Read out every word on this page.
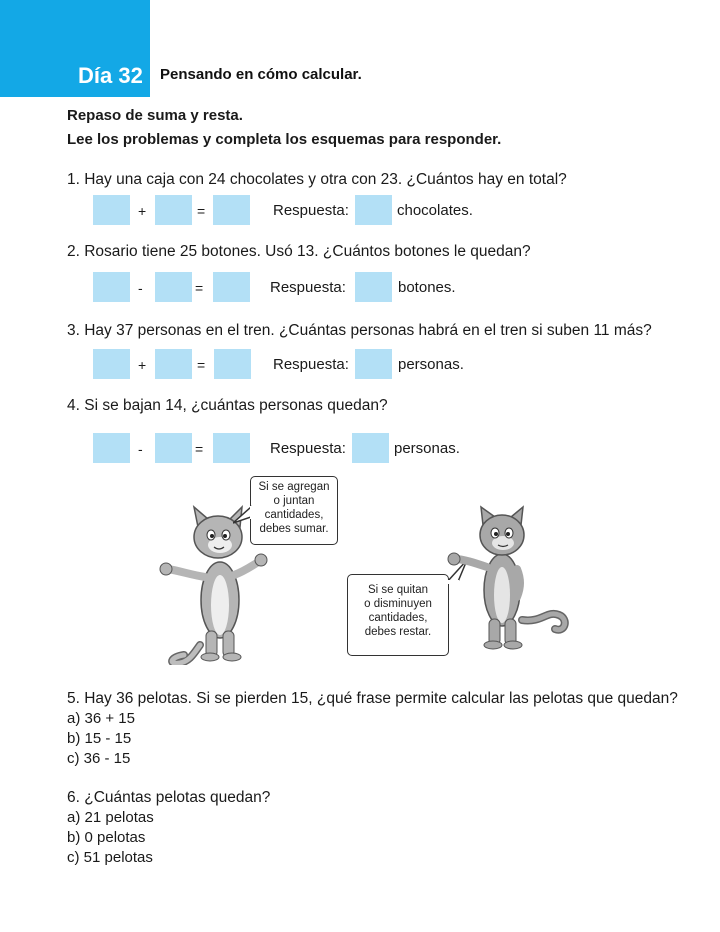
Día 32 Pensando en cómo calcular.
Repaso de suma y resta.
Lee los problemas y completa los esquemas para responder.
1. Hay una caja con 24 chocolates y otra con 23. ¿Cuántos hay en total?
+	=	Respuesta:	chocolates.
2. Rosario tiene 25 botones. Usó 13. ¿Cuántos botones le quedan?
-	=	Respuesta:	botones.
3. Hay 37 personas en el tren. ¿Cuántas personas habrá en el tren si suben 11 más?
+	=	Respuesta:	personas.
4. Si se bajan 14, ¿cuántas personas quedan?
-	=	Respuesta:	personas.
Si se agregan
o juntan
cantidades,
debes sumar.
Si se quitan
o disminuyen
cantidades,
debes restar.
5. Hay 36 pelotas. Si se pierden 15, ¿qué frase permite calcular las pelotas que quedan?
a) 36 + 15
b) 15 - 15
c) 36 - 15
6. ¿Cuántas pelotas quedan?
a) 21 pelotas
b) 0 pelotas
c) 51 pelotas
